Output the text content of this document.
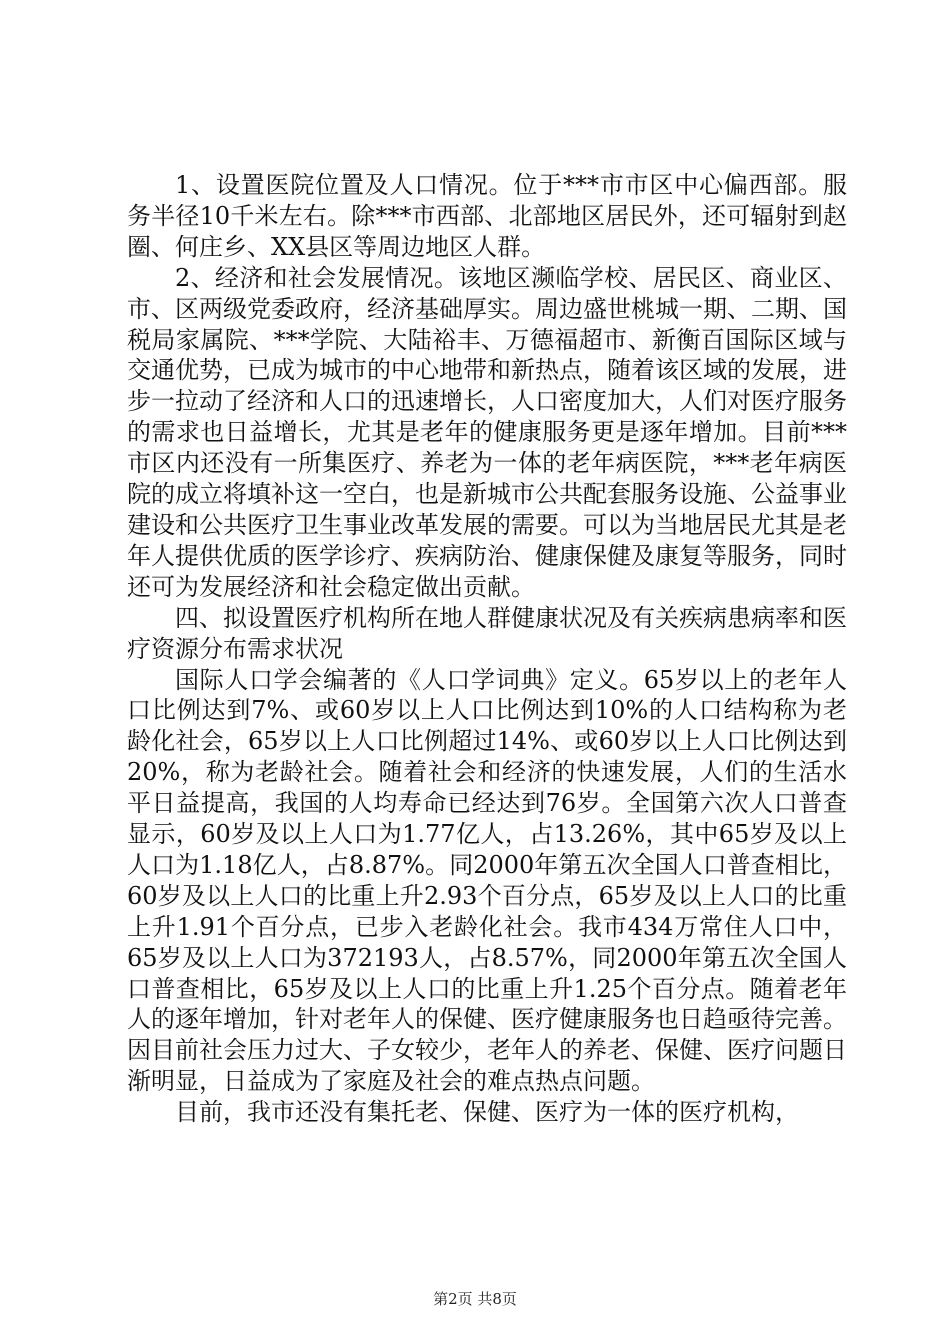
1、设置医院位置及人口情况。位于***市市区中心偏西部。服务半径10千米左右。除***市西部、北部地区居民外，还可辐射到赵圈、何庄乡、XX县区等周边地区人群。

2、经济和社会发展情况。该地区濒临学校、居民区、商业区、市、区两级党委政府，经济基础厚实。周边盛世桃城一期、二期、国税局家属院、***学院、大陆裕丰、万德福超市、新衡百国际区域与交通优势，已成为城市的中心地带和新热点，随着该区域的发展，进步一拉动了经济和人口的迅速增长，人口密度加大，人们对医疗服务的需求也日益增长，尤其是老年的健康服务更是逐年增加。目前***市区内还没有一所集医疗、养老为一体的老年病医院，***老年病医院的成立将填补这一空白，也是新城市公共配套服务设施、公益事业建设和公共医疗卫生事业改革发展的需要。可以为当地居民尤其是老年人提供优质的医学诊疗、疾病防治、健康保健及康复等服务，同时还可为发展经济和社会稳定做出贡献。

四、拟设置医疗机构所在地人群健康状况及有关疾病患病率和医疗资源分布需求状况

国际人口学会编著的《人口学词典》定义。65岁以上的老年人口比例达到7%、或60岁以上人口比例达到10%的人口结构称为老龄化社会，65岁以上人口比例超过14%、或60岁以上人口比例达到20%，称为老龄社会。随着社会和经济的快速发展，人们的生活水平日益提高，我国的人均寿命已经达到76岁。全国第六次人口普查显示，60岁及以上人口为1.77亿人，占13.26%，其中65岁及以上人口为1.18亿人，占8.87%。同2000年第五次全国人口普查相比，60岁及以上人口的比重上升2.93个百分点，65岁及以上人口的比重上升1.91个百分点，已步入老龄化社会。我市434万常住人口中，65岁及以上人口为372193人，占8.57%，同2000年第五次全国人口普查相比，65岁及以上人口的比重上升1.25个百分点。随着老年人的逐年增加，针对老年人的保健、医疗健康服务也日趋亟待完善。因目前社会压力过大、子女较少，老年人的养老、保健、医疗问题日渐明显，日益成为了家庭及社会的难点热点问题。

目前，我市还没有集托老、保健、医疗为一体的医疗机构，

第2页 共8页
